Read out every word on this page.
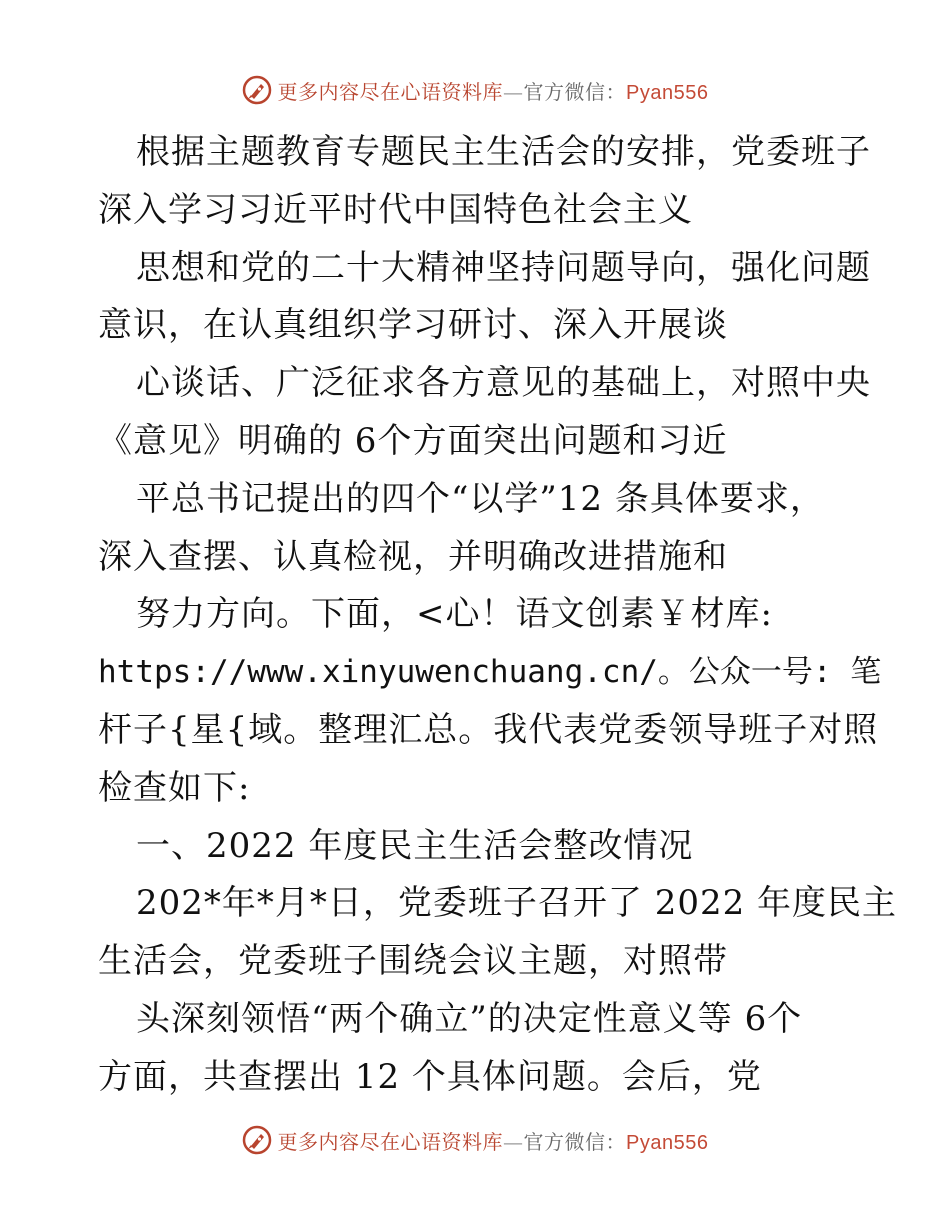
更多内容尽在心语资料库—官方微信：Pyan556
根据主题教育专题民主生活会的安排，党委班子
深入学习习近平时代中国特色社会主义
思想和党的二十大精神坚持问题导向，强化问题
意识，在认真组织学习研讨、深入开展谈
心谈话、广泛征求各方意见的基础上，对照中央
《意见》明确的 6个方面突出问题和习近
平总书记提出的四个“以学”12 条具体要求，
深入查摆、认真检视，并明确改进措施和
努力方向。下面，<心！语文创素￥材库:
https://www.xinyuwenchuang.cn/。公众一号: 笔
杆子{星{域。整理汇总。我代表党委领导班子对照
检查如下:
一、2022 年度民主生活会整改情况
202*年*月*日，党委班子召开了 2022 年度民主
生活会，党委班子围绕会议主题，对照带
头深刻领悟“两个确立”的决定性意义等 6个
方面，共查摆出 12 个具体问题。会后，党
更多内容尽在心语资料库—官方微信：Pyan556
